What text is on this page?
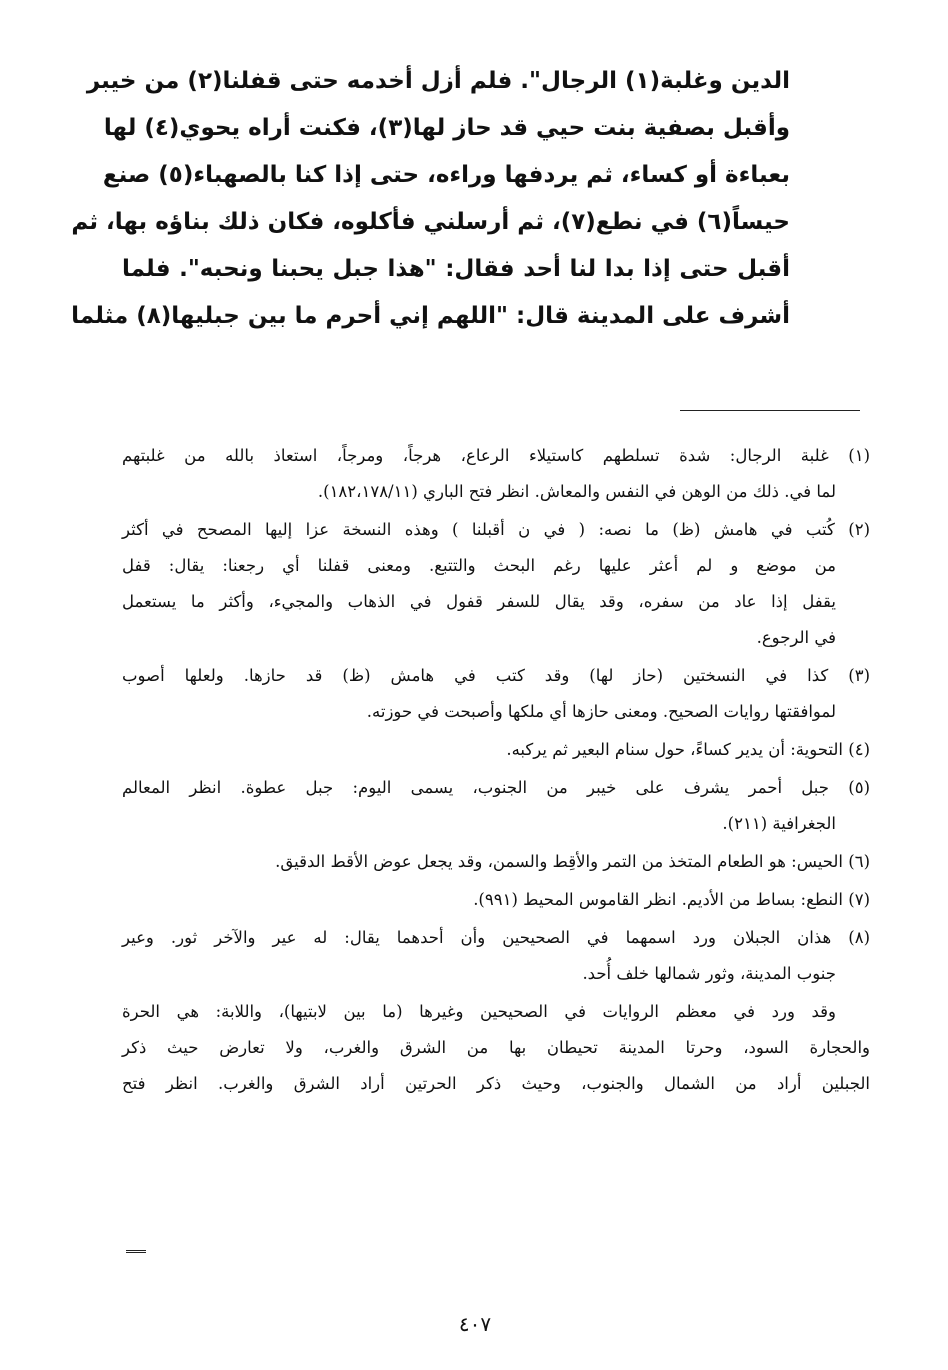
الدين وغلبة(١) الرجال". فلم أزل أخدمه حتى قفلنا(٢) من خيبر
وأقبل بصفية بنت حيي قد حاز لها(٣)، فكنت أراه يحوي(٤) لها
بعباءة أو كساء، ثم يردفها وراءه، حتى إذا كنا بالصهباء(٥) صنع
حيساً(٦) في نطع(٧)، ثم أرسلني فأكلوه، فكان ذلك بناؤه بها، ثم
أقبل حتى إذا بدا لنا أحد فقال: "هذا جبل يحبنا ونحبه". فلما
أشرف على المدينة قال: "اللهم إني أحرم ما بين جبليها(٨) مثلما
(١) غلبة الرجال: شدة تسلطهم كاستيلاء الرعاع، هرجاً، ومرجاً، استعاذ بالله من غلبتهم
لما في. ذلك من الوهن في النفس والمعاش. انظر فتح الباري (١٨٢،١٧٨/١١).
(٢) كُتب في هامش (ظ) ما نصه: ( في ن أقبلنا ) وهذه النسخة عزا إليها المصحح في أكثر
من موضع و لم أعثر عليها رغم البحث والتتبع. ومعنى قفلنا أي رجعنا: يقال: قفل
يقفل إذا عاد من سفره، وقد يقال للسفر قفول في الذهاب والمجيء، وأكثر ما يستعمل
في الرجوع.
(٣) كذا في النسختين (حاز لها) وقد كتب في هامش (ظ) قد حازها. ولعلها أصوب
لموافقتها روايات الصحيح. ومعنى حازها أي ملكها وأصبحت في حوزته.
(٤) التحوية: أن يدير كساءً، حول سنام البعير ثم يركبه.
(٥) جبل أحمر يشرف على خيبر من الجنوب، يسمى اليوم: جبل عطوة. انظر المعالم
الجغرافية (٢١١).
(٦) الحيس: هو الطعام المتخذ من التمر والأقِط والسمن، وقد يجعل عوض الأقط الدقيق.
(٧) النطع: بساط من الأديم. انظر القاموس المحيط (٩٩١).
(٨) هذان الجبلان ورد اسمهما في الصحيحين وأن أحدهما يقال: له عير والآخر ثور. وعير
جنوب المدينة، وثور شمالها خلف أُحد.
وقد ورد في معظم الروايات في الصحيحين وغيرها (ما بين لابتيها)، واللابة: هي الحرة
والحجارة السود، وحرتا المدينة تحيطان بها من الشرق والغرب، ولا تعارض حيث ذكر
الجبلين أراد من الشمال والجنوب، وحيث ذكر الحرتين أراد الشرق والغرب. انظر فتح
٤٠٧
